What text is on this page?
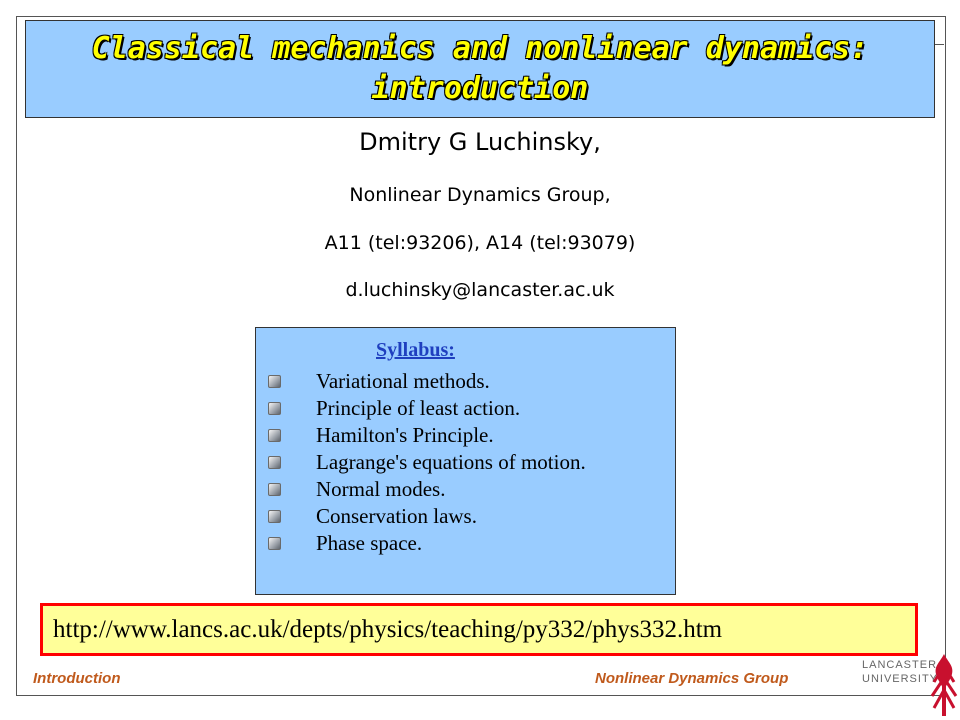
Classical mechanics and nonlinear dynamics:
introduction
Dmitry G Luchinsky,
Nonlinear Dynamics Group,
A11 (tel:93206), A14 (tel:93079)
d.luchinsky@lancaster.ac.uk
Syllabus:
Variational methods.
Principle of least action.
Hamilton's Principle.
Lagrange's equations of motion.
Normal modes.
Conservation laws.
Phase space.
http://www.lancs.ac.uk/depts/physics/teaching/py332/phys332.htm
Introduction	Nonlinear Dynamics Group
LANCASTER
UNIVERSITY
